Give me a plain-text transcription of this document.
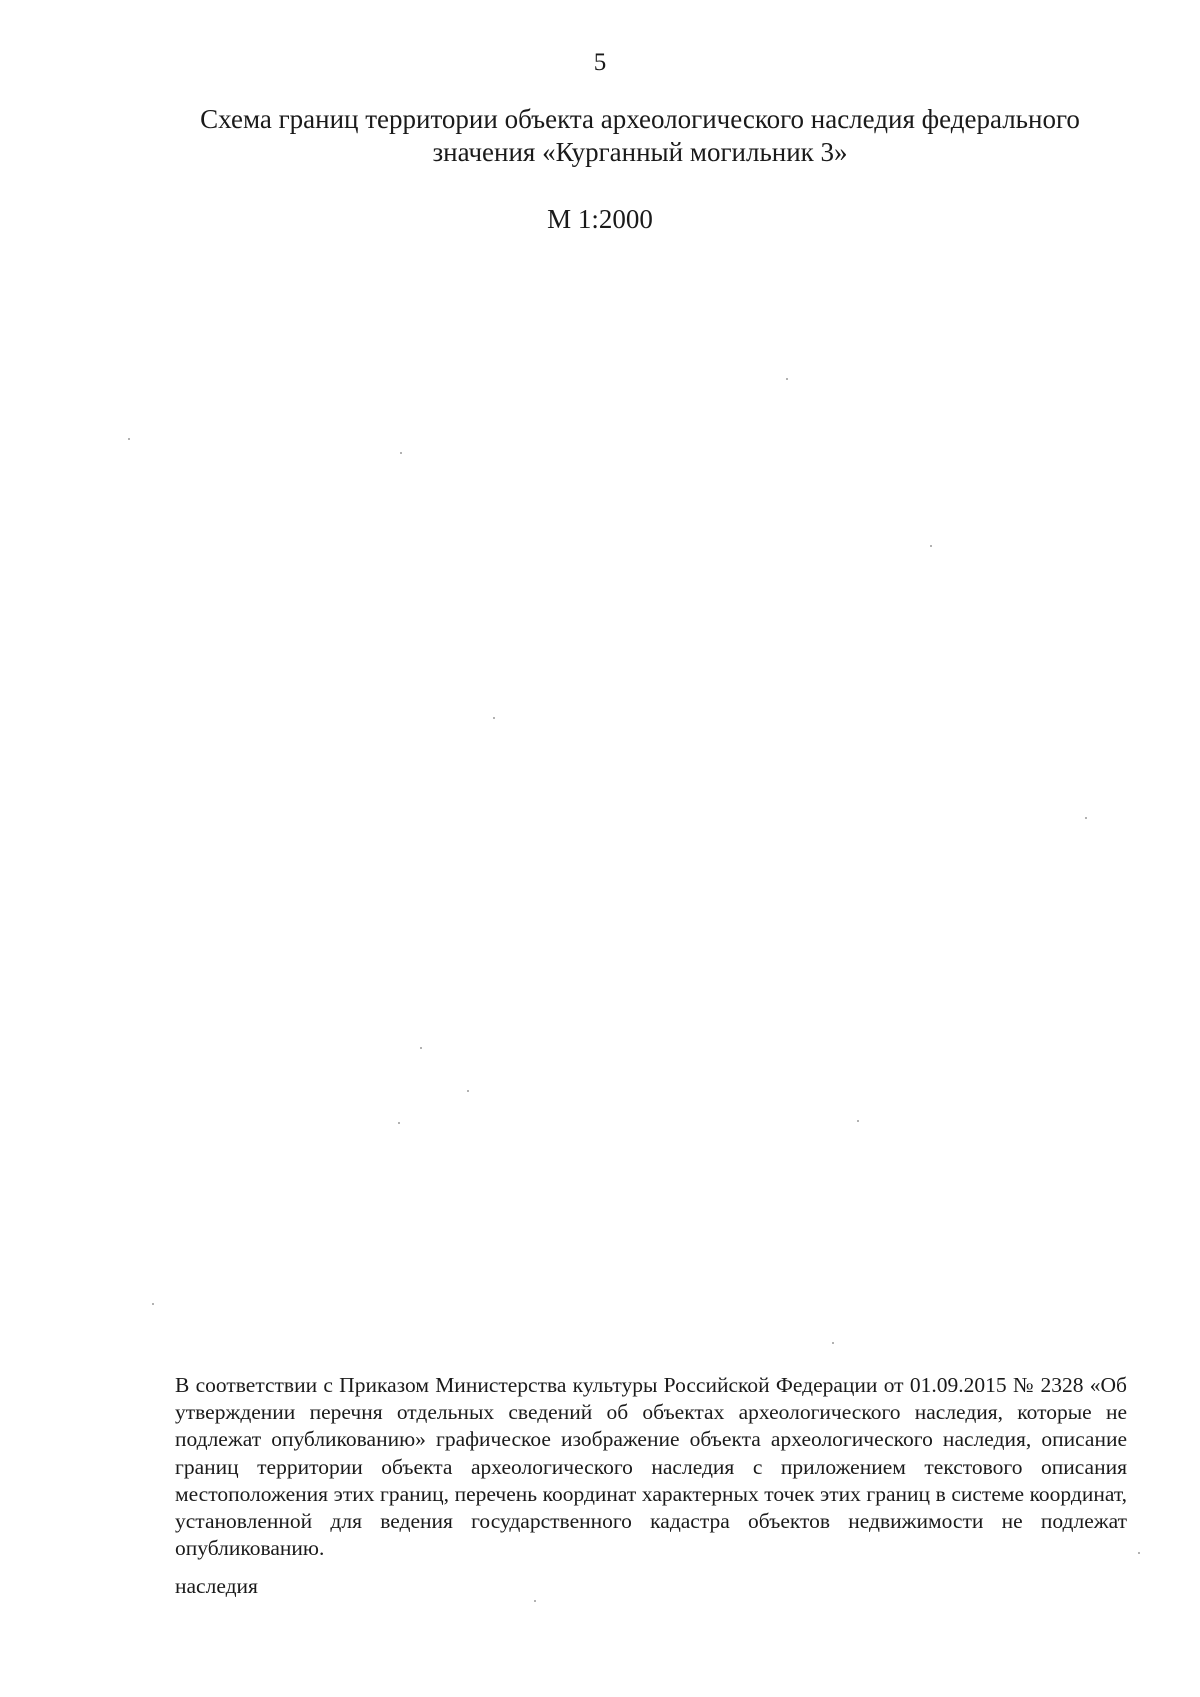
5
Схема границ территории объекта археологического наследия федерального
значения «Курганный могильник 3»
М 1:2000
В соответствии с Приказом Министерства культуры Российской Федерации от 01.09.2015 № 2328 «Об утверждении перечня отдельных сведений об объектах археологического наследия, которые не подлежат опубликованию» графическое изображение объекта археологического наследия, описание границ территории объекта археологического наследия с приложением текстового описания местоположения этих границ, перечень координат характерных точек этих границ в системе координат, установленной для ведения государственного кадастра объектов недвижимости не подлежат опубликованию.
наследия
